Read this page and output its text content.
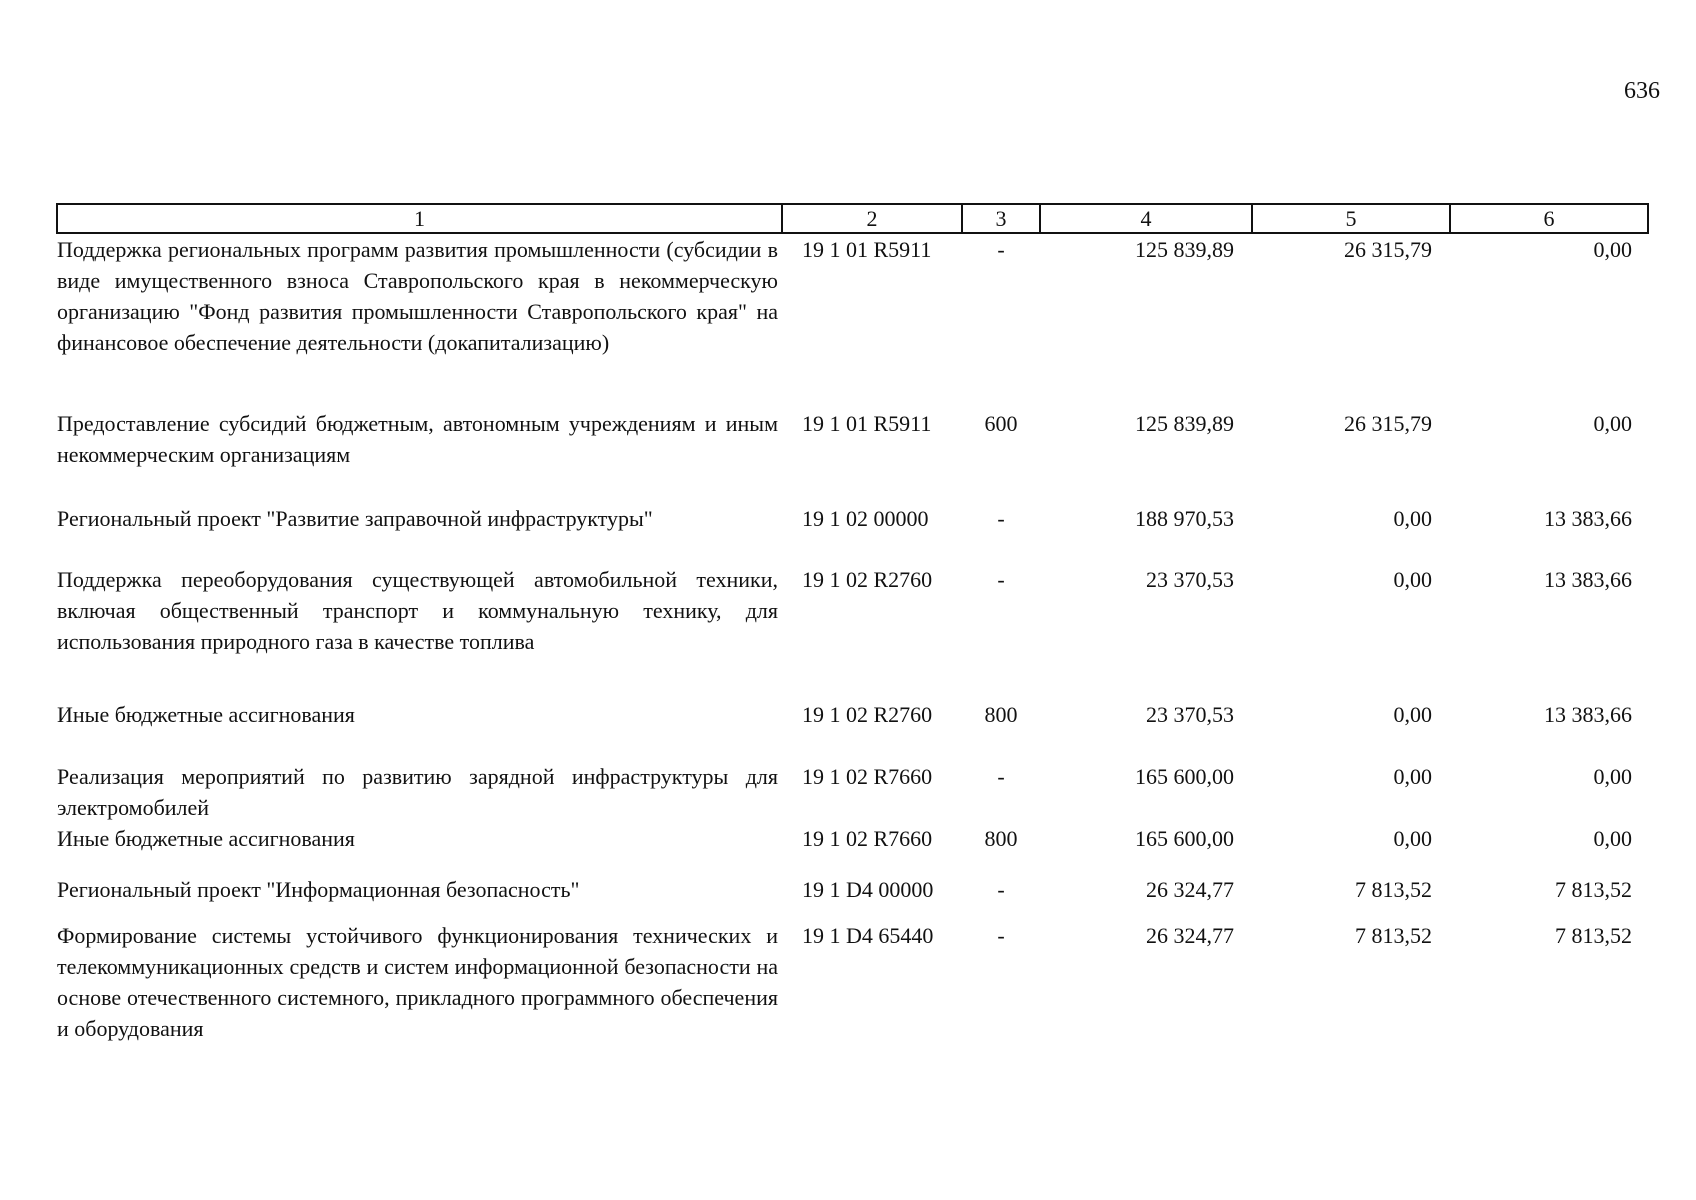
636
1	2	3	4	5	6
Поддержка региональных программ развития промышленности (субсидии в виде имущественного взноса Ставропольского края в некоммерческую организацию "Фонд развития промышленности Ставропольского края" на финансовое обеспечение деятельности (докапитализацию)	19 1 01 R5911	-	125 839,89	26 315,79	0,00
Предоставление субсидий бюджетным, автономным учреждениям и иным некоммерческим организациям	19 1 01 R5911	600	125 839,89	26 315,79	0,00
Региональный проект "Развитие заправочной инфраструктуры"	19 1 02 00000	-	188 970,53	0,00	13 383,66
Поддержка переоборудования существующей автомобильной техники, включая общественный транспорт и коммунальную технику, для использования природного газа в качестве топлива	19 1 02 R2760	-	23 370,53	0,00	13 383,66
Иные бюджетные ассигнования	19 1 02 R2760	800	23 370,53	0,00	13 383,66
Реализация мероприятий по развитию зарядной инфраструктуры для электромобилей	19 1 02 R7660	-	165 600,00	0,00	0,00
Иные бюджетные ассигнования	19 1 02 R7660	800	165 600,00	0,00	0,00
Региональный проект "Информационная безопасность"	19 1 D4 00000	-	26 324,77	7 813,52	7 813,52
Формирование системы устойчивого функционирования технических и телекоммуникационных средств и систем информационной безопасности на основе отечественного системного, прикладного программного обеспечения и оборудования	19 1 D4 65440	-	26 324,77	7 813,52	7 813,52
